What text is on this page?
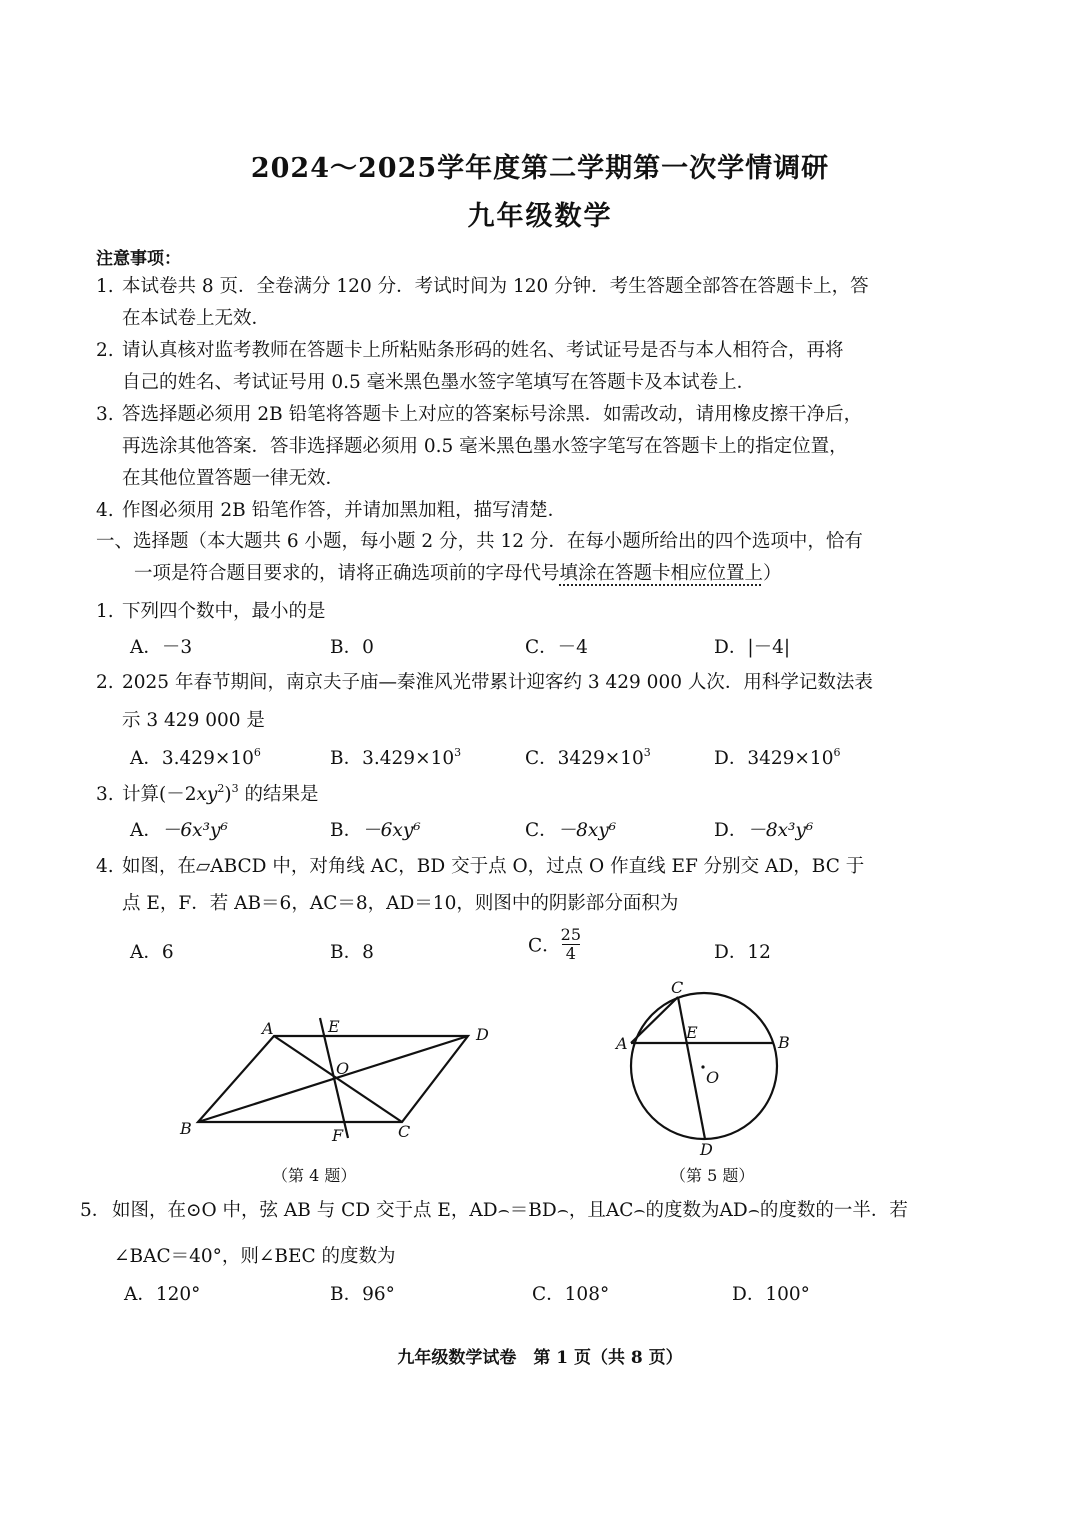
2024～2025学年度第二学期第一次学情调研
九年级数学
注意事项：
1. 本试卷共 8 页．全卷满分 120 分．考试时间为 120 分钟．考生答题全部答在答题卡上，答
在本试卷上无效．
2. 请认真核对监考教师在答题卡上所粘贴条形码的姓名、考试证号是否与本人相符合，再将
自己的姓名、考试证号用 0.5 毫米黑色墨水签字笔填写在答题卡及本试卷上．
3. 答选择题必须用 2B 铅笔将答题卡上对应的答案标号涂黑．如需改动，请用橡皮擦干净后，
再选涂其他答案．答非选择题必须用 0.5 毫米黑色墨水签字笔写在答题卡上的指定位置，
在其他位置答题一律无效．
4. 作图必须用 2B 铅笔作答，并请加黑加粗，描写清楚．
一、选择题（本大题共 6 小题，每小题 2 分，共 12 分．在每小题所给出的四个选项中，恰有
一项是符合题目要求的，请将正确选项前的字母代号填涂在答题卡相应位置上）
1. 下列四个数中，最小的是
A．－3	B．0	C．－4	D．|－4|
2. 2025 年春节期间，南京夫子庙—秦淮风光带累计迎客约 3 429 000 人次．用科学记数法表
示 3 429 000 是
A．$3.429\times 10^6$	B．$3.429\times 10^3$	C．$3429\times 10^3$	D．$3429\times 10^6$
3. 计算$(-2xy^2)^3$ 的结果是
A．－6x³y⁶	B．－6xy⁶	C．－8xy⁶	D．－8x³y⁶
4. 如图，在▱ABCD 中，对角线 AC，BD 交于点 O，过点 O 作直线 EF 分别交 AD，BC 于
点 E，F．若 AB＝6，AC＝8，AD＝10，则图中的阴影部分面积为
A．6	B．8	C． $\frac{25}{4}$	D．12
A	D
B	C
E
F
O
（第 4 题）
C
A	B
E
O
D
（第 5 题）
5．如图，在⊙O 中，弦 AB 与 CD 交于点 E，AD⌢＝BD⌢，且AC⌢的度数为AD⌢的度数的一半．若
∠BAC＝40°，则∠BEC 的度数为
A．120°	B．96°	C．108°	D．100°
九年级数学试卷　第 1 页（共 8 页）
